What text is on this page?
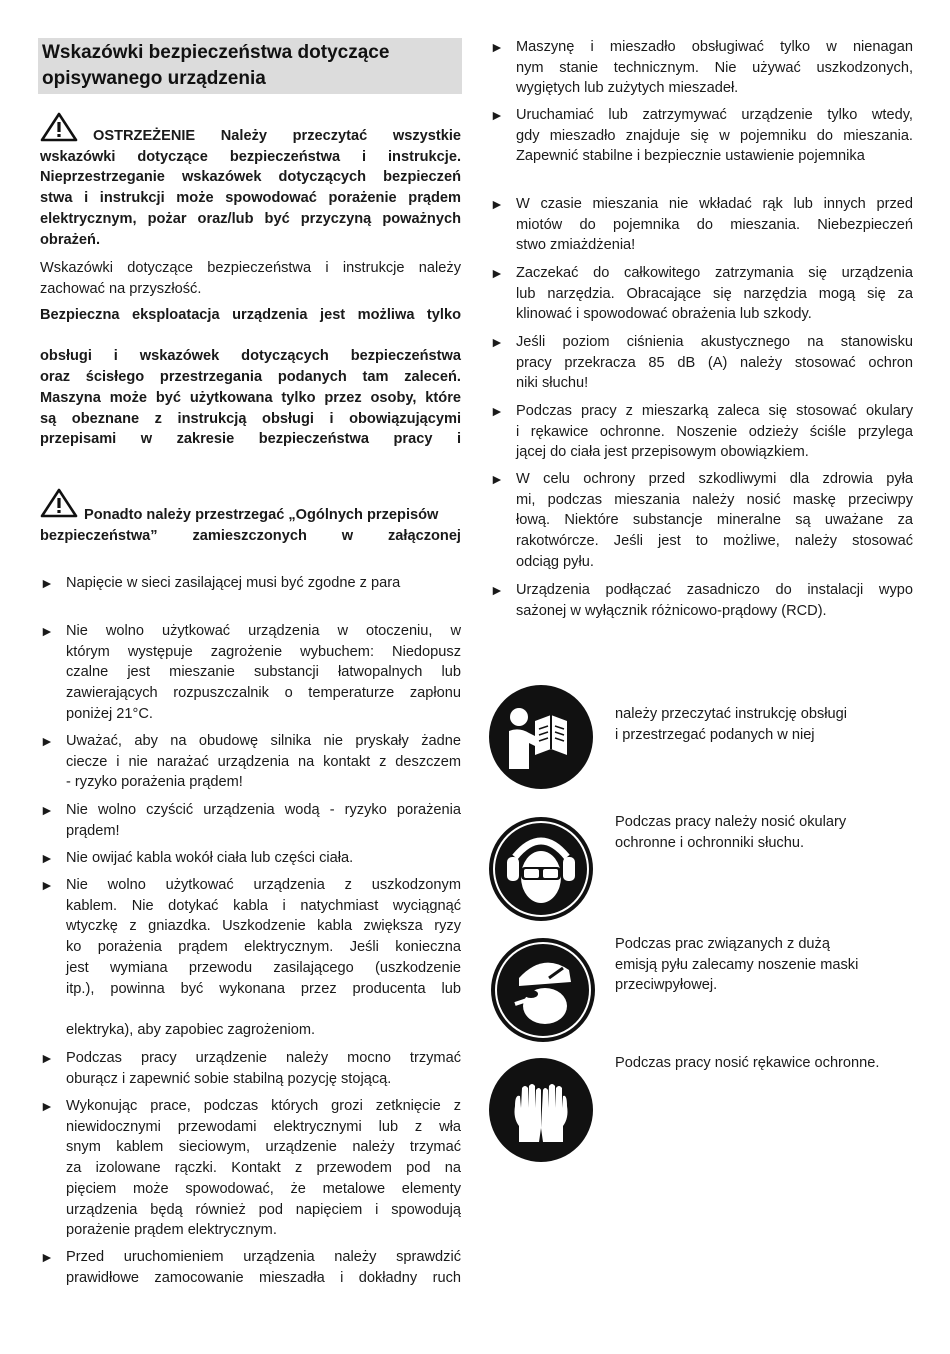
Wskazówki bezpieczeństwa dotyczące
opisywanego urządzenia
OSTRZEŻENIE Należy przeczytać wszystkie
wskazówki dotyczące bezpieczeństwa i instrukcje.
Nieprzestrzeganie wskazówek dotyczących bezpieczeń
stwa i instrukcji może spowodować porażenie prądem
elektrycznym, pożar oraz/lub być przyczyną poważnych
obrażeń.
Wskazówki dotyczące bezpieczeństwa i instrukcje należy
zachować na przyszłość.
Bezpieczna eksploatacja urządzenia jest możliwa tylko
obsługi i wskazówek dotyczących bezpieczeństwa
oraz ścisłego przestrzegania podanych tam zaleceń.
Maszyna może być użytkowana tylko przez osoby, które
są obeznane z instrukcją obsługi i obowiązującymi
przepisami w zakresie bezpieczeństwa pracy i
Ponadto należy przestrzegać „Ogólnych przepisów
bezpieczeństwa” zamieszczonych w załączonej
► Napięcie w sieci zasilającej musi być zgodne z para
► Nie wolno użytkować urządzenia w otoczeniu, w
którym występuje zagrożenie wybuchem: Niedopusz
czalne jest mieszanie substancji łatwopalnych lub
zawierających rozpuszczalnik o temperaturze zapłonu
poniżej 21°C.
► Uważać, aby na obudowę silnika nie pryskały żadne
ciecze i nie narażać urządzenia na kontakt z deszczem
- ryzyko porażenia prądem!
► Nie wolno czyścić urządzenia wodą - ryzyko porażenia
prądem!
► Nie owijać kabla wokół ciała lub części ciała.
► Nie wolno użytkować urządzenia z uszkodzonym
kablem. Nie dotykać kabla i natychmiast wyciągnąć
wtyczkę z gniazdka. Uszkodzenie kabla zwiększa ryzy
ko porażenia prądem elektrycznym. Jeśli konieczna
jest wymiana przewodu zasilającego (uszkodzenie
itp.), powinna być wykonana przez producenta lub
elektryka), aby zapobiec zagrożeniom.
► Podczas pracy urządzenie należy mocno trzymać
oburącz i zapewnić sobie stabilną pozycję stojącą.
► Wykonując prace, podczas których grozi zetknięcie z
niewidocznymi przewodami elektrycznymi lub z wła
snym kablem sieciowym, urządzenie należy trzymać
za izolowane rączki. Kontakt z przewodem pod na
pięciem może spowodować, że metalowe elementy
urządzenia będą również pod napięciem i spowodują
porażenie prądem elektrycznym.
► Przed uruchomieniem urządzenia należy sprawdzić
prawidłowe zamocowanie mieszadła i dokładny ruch
► Maszynę i mieszadło obsługiwać tylko w nienagan
nym stanie technicznym. Nie używać uszkodzonych,
wygiętych lub zużytych mieszadeł.
► Uruchamiać lub zatrzymywać urządzenie tylko wtedy,
gdy mieszadło znajduje się w pojemniku do mieszania.
Zapewnić stabilne i bezpiecznie ustawienie pojemnika
► W czasie mieszania nie wkładać rąk lub innych przed
miotów do pojemnika do mieszania. Niebezpieczeń
stwo zmiażdżenia!
► Zaczekać do całkowitego zatrzymania się urządzenia
lub narzędzia. Obracające się narzędzia mogą się za
klinować i spowodować obrażenia lub szkody.
► Jeśli poziom ciśnienia akustycznego na stanowisku
pracy przekracza 85 dB (A) należy stosować ochron
niki słuchu!
► Podczas pracy z mieszarką zaleca się stosować okulary
i rękawice ochronne. Noszenie odzieży ściśle przylega
jącej do ciała jest przepisowym obowiązkiem.
► W celu ochrony przed szkodliwymi dla zdrowia pyła
mi, podczas mieszania należy nosić maskę przeciwpy
łową. Niektóre substancje mineralne są uważane za
rakotwórcze. Jeśli jest to możliwe, należy stosować
odciąg pyłu.
► Urządzenia podłączać zasadniczo do instalacji wypo
sażonej w wyłącznik różnicowo-prądowy (RCD).
należy przeczytać instrukcję obsługi
i przestrzegać podanych w niej
Podczas pracy należy nosić okulary
ochronne i ochronniki słuchu.
Podczas prac związanych z dużą
emisją pyłu zalecamy noszenie maski
przeciwpyłowej.
Podczas pracy nosić rękawice ochronne.
